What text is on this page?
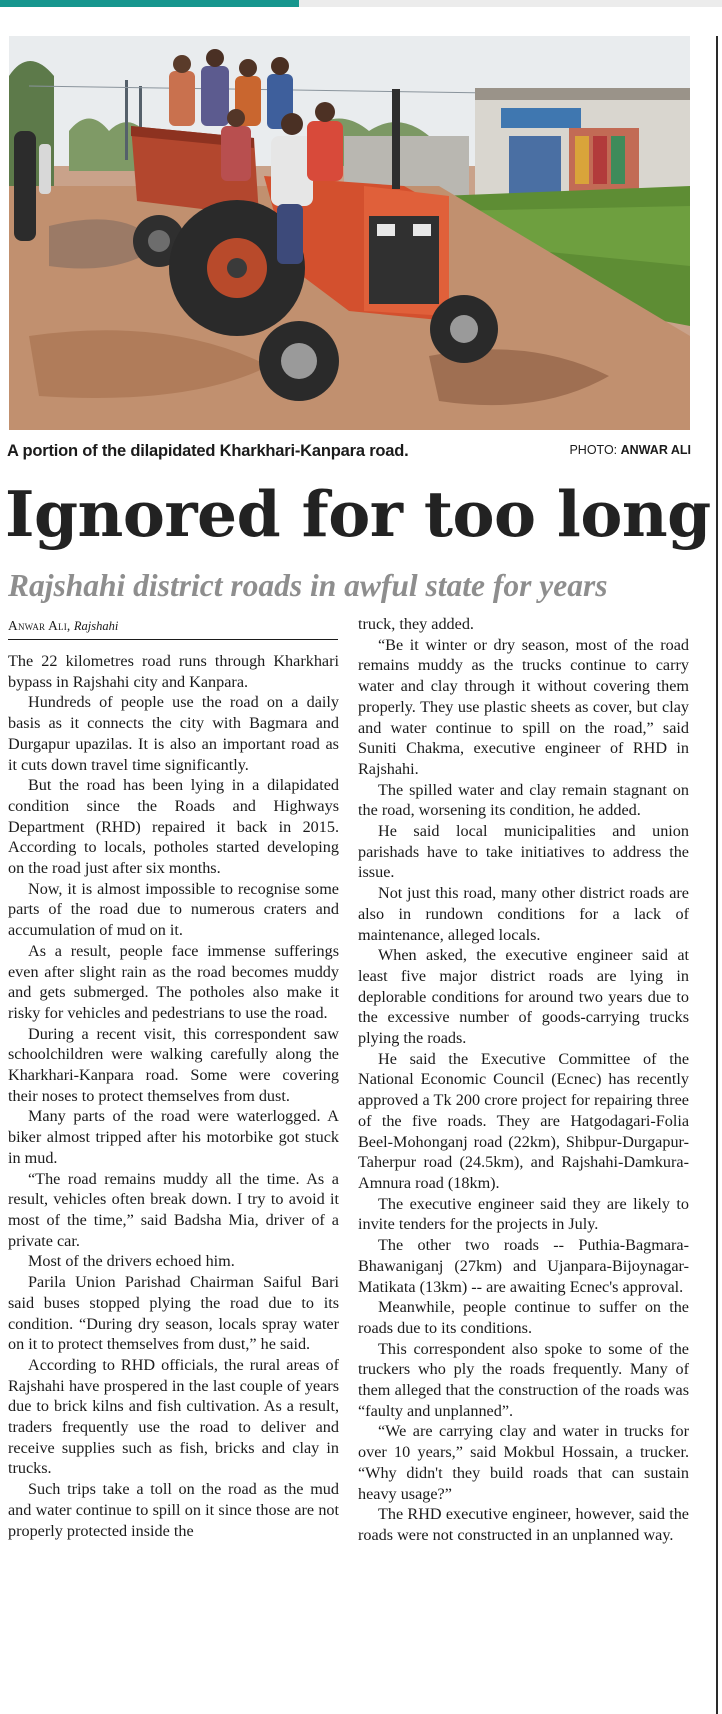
A portion of the dilapidated Kharkhari-Kanpara road.	PHOTO: ANWAR ALI
Ignored for too long
Rajshahi district roads in awful state for years
Anwar Ali, Rajshahi

The 22 kilometres road runs through Kharkhari bypass in Rajshahi city and Kanpara.

Hundreds of people use the road on a daily basis as it connects the city with Bagmara and Durgapur upazilas. It is also an important road as it cuts down travel time significantly.

But the road has been lying in a dilapidated condition since the Roads and Highways Department (RHD) repaired it back in 2015. According to locals, potholes started developing on the road just after six months.

Now, it is almost impossible to recognise some parts of the road due to numerous craters and accumulation of mud on it.

As a result, people face immense sufferings even after slight rain as the road becomes muddy and gets submerged. The potholes also make it risky for vehicles and pedestrians to use the road.

During a recent visit, this correspondent saw schoolchildren were walking carefully along the Kharkhari-Kanpara road. Some were covering their noses to protect themselves from dust.

Many parts of the road were waterlogged. A biker almost tripped after his motorbike got stuck in mud.

“The road remains muddy all the time. As a result, vehicles often break down. I try to avoid it most of the time,” said Badsha Mia, driver of a private car.

Most of the drivers echoed him.

Parila Union Parishad Chairman Saiful Bari said buses stopped plying the road due to its condition. “During dry season, locals spray water on it to protect themselves from dust,” he said.

According to RHD officials, the rural areas of Rajshahi have prospered in the last couple of years due to brick kilns and fish cultivation. As a result, traders frequently use the road to deliver and receive supplies such as fish, bricks and clay in trucks.

Such trips take a toll on the road as the mud and water continue to spill on it since those are not properly protected inside the

truck, they added.

“Be it winter or dry season, most of the road remains muddy as the trucks continue to carry water and clay through it without covering them properly. They use plastic sheets as cover, but clay and water continue to spill on the road,” said Suniti Chakma, executive engineer of RHD in Rajshahi.

The spilled water and clay remain stagnant on the road, worsening its condition, he added.

He said local municipalities and union parishads have to take initiatives to address the issue.

Not just this road, many other district roads are also in rundown conditions for a lack of maintenance, alleged locals.

When asked, the executive engineer said at least five major district roads are lying in deplorable conditions for around two years due to the excessive number of goods-carrying trucks plying the roads.

He said the Executive Committee of the National Economic Council (Ecnec) has recently approved a Tk 200 crore project for repairing three of the five roads. They are Hatgodagari-Folia Beel-Mohonganj road (22km), Shibpur-Durgapur-Taherpur road (24.5km), and Rajshahi-Damkura-Amnura road (18km).

The executive engineer said they are likely to invite tenders for the projects in July.

The other two roads -- Puthia-Bagmara-Bhawaniganj (27km) and Ujanpara-Bijoynagar-Matikata (13km) -- are awaiting Ecnec's approval.

Meanwhile, people continue to suffer on the roads due to its conditions.

This correspondent also spoke to some of the truckers who ply the roads frequently. Many of them alleged that the construction of the roads was “faulty and unplanned”.

“We are carrying clay and water in trucks for over 10 years,” said Mokbul Hossain, a trucker. “Why didn't they build roads that can sustain heavy usage?”

The RHD executive engineer, however, said the roads were not constructed in an unplanned way.
